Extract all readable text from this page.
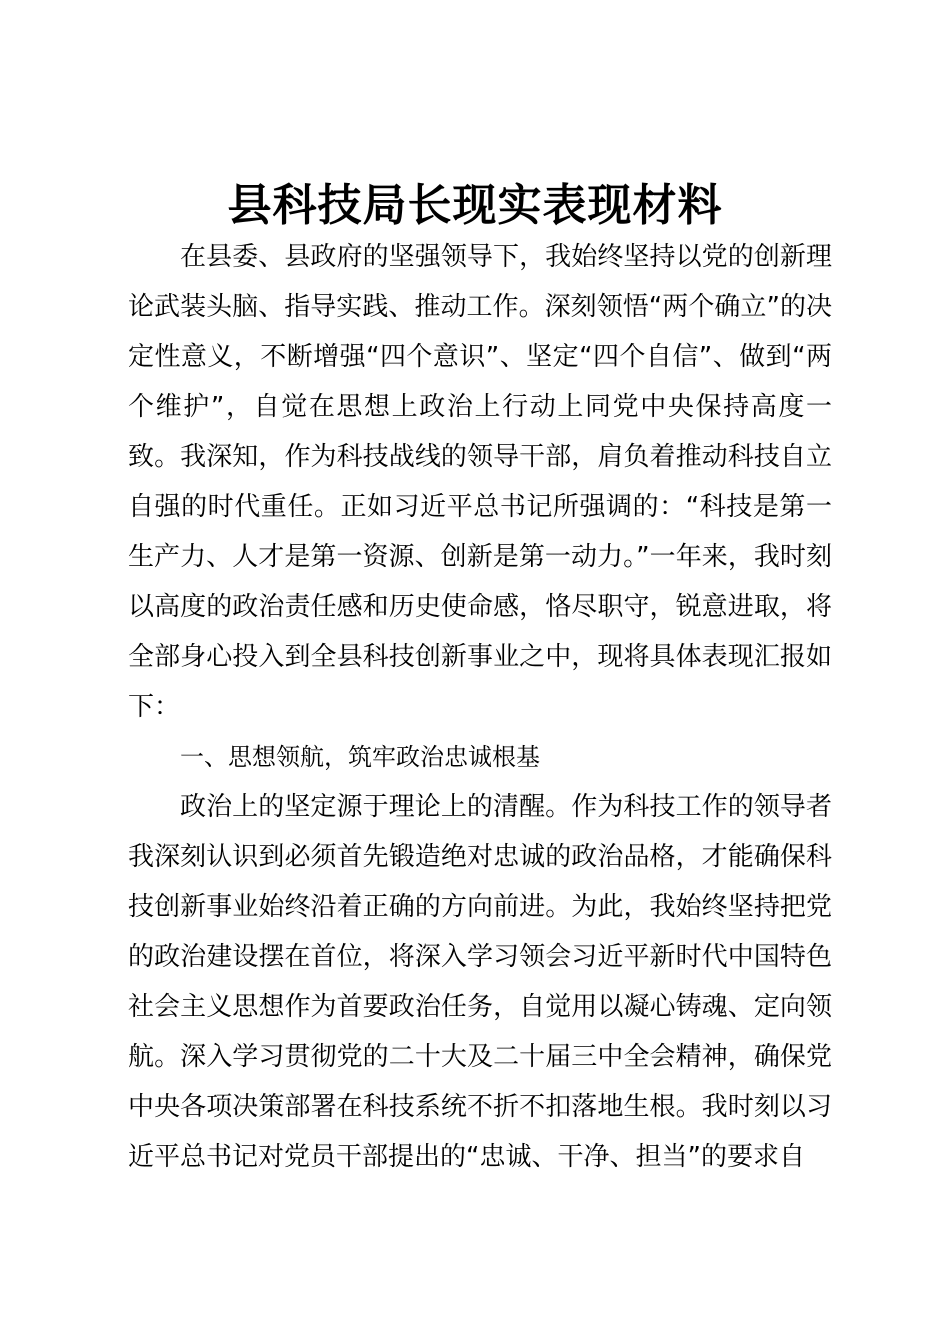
县科技局长现实表现材料

在县委、县政府的坚强领导下，我始终坚持以党的创新理论武装头脑、指导实践、推动工作。深刻领悟“两个确立”的决定性意义，不断增强“四个意识”、坚定“四个自信”、做到“两个维护”，自觉在思想上政治上行动上同党中央保持高度一致。我深知，作为科技战线的领导干部，肩负着推动科技自立自强的时代重任。正如习近平总书记所强调的：“科技是第一生产力、人才是第一资源、创新是第一动力。”一年来，我时刻以高度的政治责任感和历史使命感，恪尽职守，锐意进取，将全部身心投入到全县科技创新事业之中，现将具体表现汇报如下：

一、思想领航，筑牢政治忠诚根基

政治上的坚定源于理论上的清醒。作为科技工作的领导者我深刻认识到必须首先锻造绝对忠诚的政治品格，才能确保科技创新事业始终沿着正确的方向前进。为此，我始终坚持把党的政治建设摆在首位，将深入学习领会习近平新时代中国特色社会主义思想作为首要政治任务，自觉用以凝心铸魂、定向领航。深入学习贯彻党的二十大及二十届三中全会精神，确保党中央各项决策部署在科技系统不折不扣落地生根。我时刻以习近平总书记对党员干部提出的“忠诚、干净、担当”的要求自
